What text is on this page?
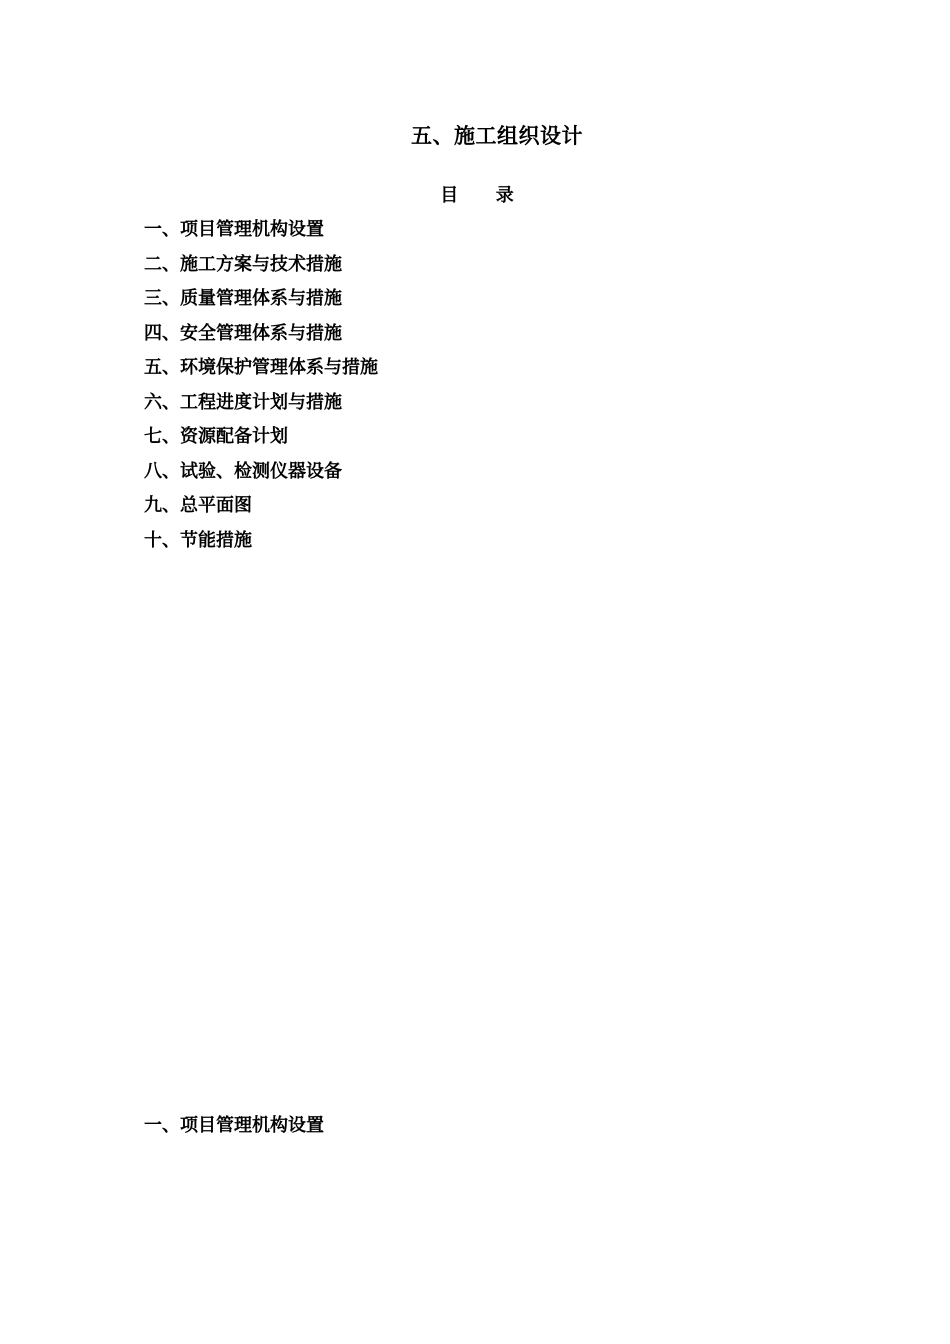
五、施工组织设计
目      录
一、项目管理机构设置
二、施工方案与技术措施
三、质量管理体系与措施
四、安全管理体系与措施
五、环境保护管理体系与措施
六、工程进度计划与措施
七、资源配备计划
八、试验、检测仪器设备
九、总平面图
十、节能措施
一、项目管理机构设置
